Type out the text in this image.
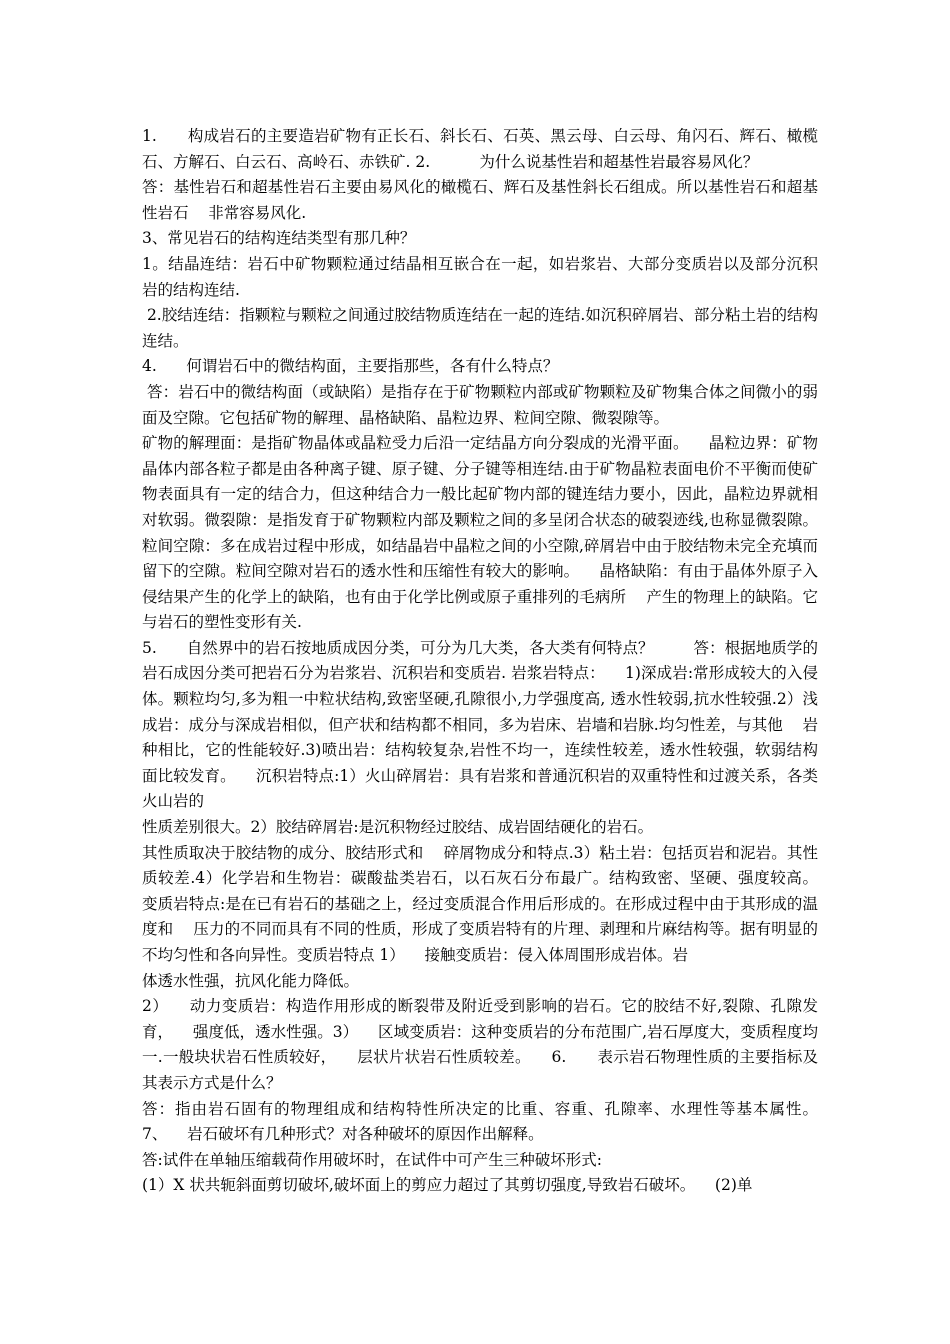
1.      构成岩石的主要造岩矿物有正长石、斜长石、石英、黑云母、白云母、角闪石、辉石、橄榄石、方解石、白云石、高岭石、赤铁矿. 2.          为什么说基性岩和超基性岩最容易风化？

答：基性岩石和超基性岩石主要由易风化的橄榄石、辉石及基性斜长石组成。所以基性岩石和超基性岩石    非常容易风化.

3、常见岩石的结构连结类型有那几种？

1。结晶连结：岩石中矿物颗粒通过结晶相互嵌合在一起，如岩浆岩、大部分变质岩以及部分沉积岩的结构连结.

2.胶结连结：指颗粒与颗粒之间通过胶结物质连结在一起的连结.如沉积碎屑岩、部分粘土岩的结构连结。

4.      何谓岩石中的微结构面，主要指那些，各有什么特点？

答：岩石中的微结构面（或缺陷）是指存在于矿物颗粒内部或矿物颗粒及矿物集合体之间微小的弱面及空隙。它包括矿物的解理、晶格缺陷、晶粒边界、粒间空隙、微裂隙等。

矿物的解理面：是指矿物晶体或晶粒受力后沿一定结晶方向分裂成的光滑平面。    晶粒边界：矿物晶体内部各粒子都是由各种离子键、原子键、分子键等相连结.由于矿物晶粒表面电价不平衡而使矿物表面具有一定的结合力，但这种结合力一般比起矿物内部的键连结力要小，因此，晶粒边界就相对软弱。微裂隙：是指发育于矿物颗粒内部及颗粒之间的多呈闭合状态的破裂迹线,也称显微裂隙。    粒间空隙：多在成岩过程中形成，如结晶岩中晶粒之间的小空隙,碎屑岩中由于胶结物未完全充填而留下的空隙。粒间空隙对岩石的透水性和压缩性有较大的影响。    晶格缺陷：有由于晶体外原子入侵结果产生的化学上的缺陷，也有由于化学比例或原子重排列的毛病所    产生的物理上的缺陷。它与岩石的塑性变形有关.

5.      自然界中的岩石按地质成因分类，可分为几大类，各大类有何特点？        答：根据地质学的岩石成因分类可把岩石分为岩浆岩、沉积岩和变质岩. 岩浆岩特点：    1)深成岩:常形成较大的入侵体。颗粒均匀,多为粗一中粒状结构,致密坚硬,孔隙很小,力学强度高, 透水性较弱,抗水性较强.2）浅成岩：成分与深成岩相似，但产状和结构都不相同，多为岩床、岩墙和岩脉.均匀性差，与其他    岩种相比，它的性能较好.3)喷出岩：结构较复杂,岩性不均一，连续性较差，透水性较强，软弱结构面比较发育。    沉积岩特点:1）火山碎屑岩：具有岩浆和普通沉积岩的双重特性和过渡关系，各类火山岩的

性质差别很大。2）胶结碎屑岩:是沉积物经过胶结、成岩固结硬化的岩石。

其性质取决于胶结物的成分、胶结形式和    碎屑物成分和特点.3）粘土岩：包括页岩和泥岩。其性质较差.4）化学岩和生物岩：碳酸盐类岩石，以石灰石分布最广。结构致密、坚硬、强度较高。    变质岩特点:是在已有岩石的基础之上，经过变质混合作用后形成的。在形成过程中由于其形成的温度和    压力的不同而具有不同的性质，形成了变质岩特有的片理、剥理和片麻结构等。据有明显的不均匀性和各向异性。变质岩特点 1）    接触变质岩：侵入体周围形成岩体。岩

体透水性强，抗风化能力降低。

2）    动力变质岩：构造作用形成的断裂带及附近受到影响的岩石。它的胶结不好,裂隙、孔隙发育，    强度低，透水性强。3）    区域变质岩：这种变质岩的分布范围广,岩石厚度大，变质程度均一.一般块状岩石性质较好，    层状片状岩石性质较差。    6.      表示岩石物理性质的主要指标及其表示方式是什么？

答：指由岩石固有的物理组成和结构特性所决定的比重、容重、孔隙率、水理性等基本属性。    7、    岩石破坏有几种形式？对各种破坏的原因作出解释。

答:试件在单轴压缩载荷作用破坏时，在试件中可产生三种破坏形式:

(1）X 状共轭斜面剪切破坏,破坏面上的剪应力超过了其剪切强度,导致岩石破坏。    (2)单
